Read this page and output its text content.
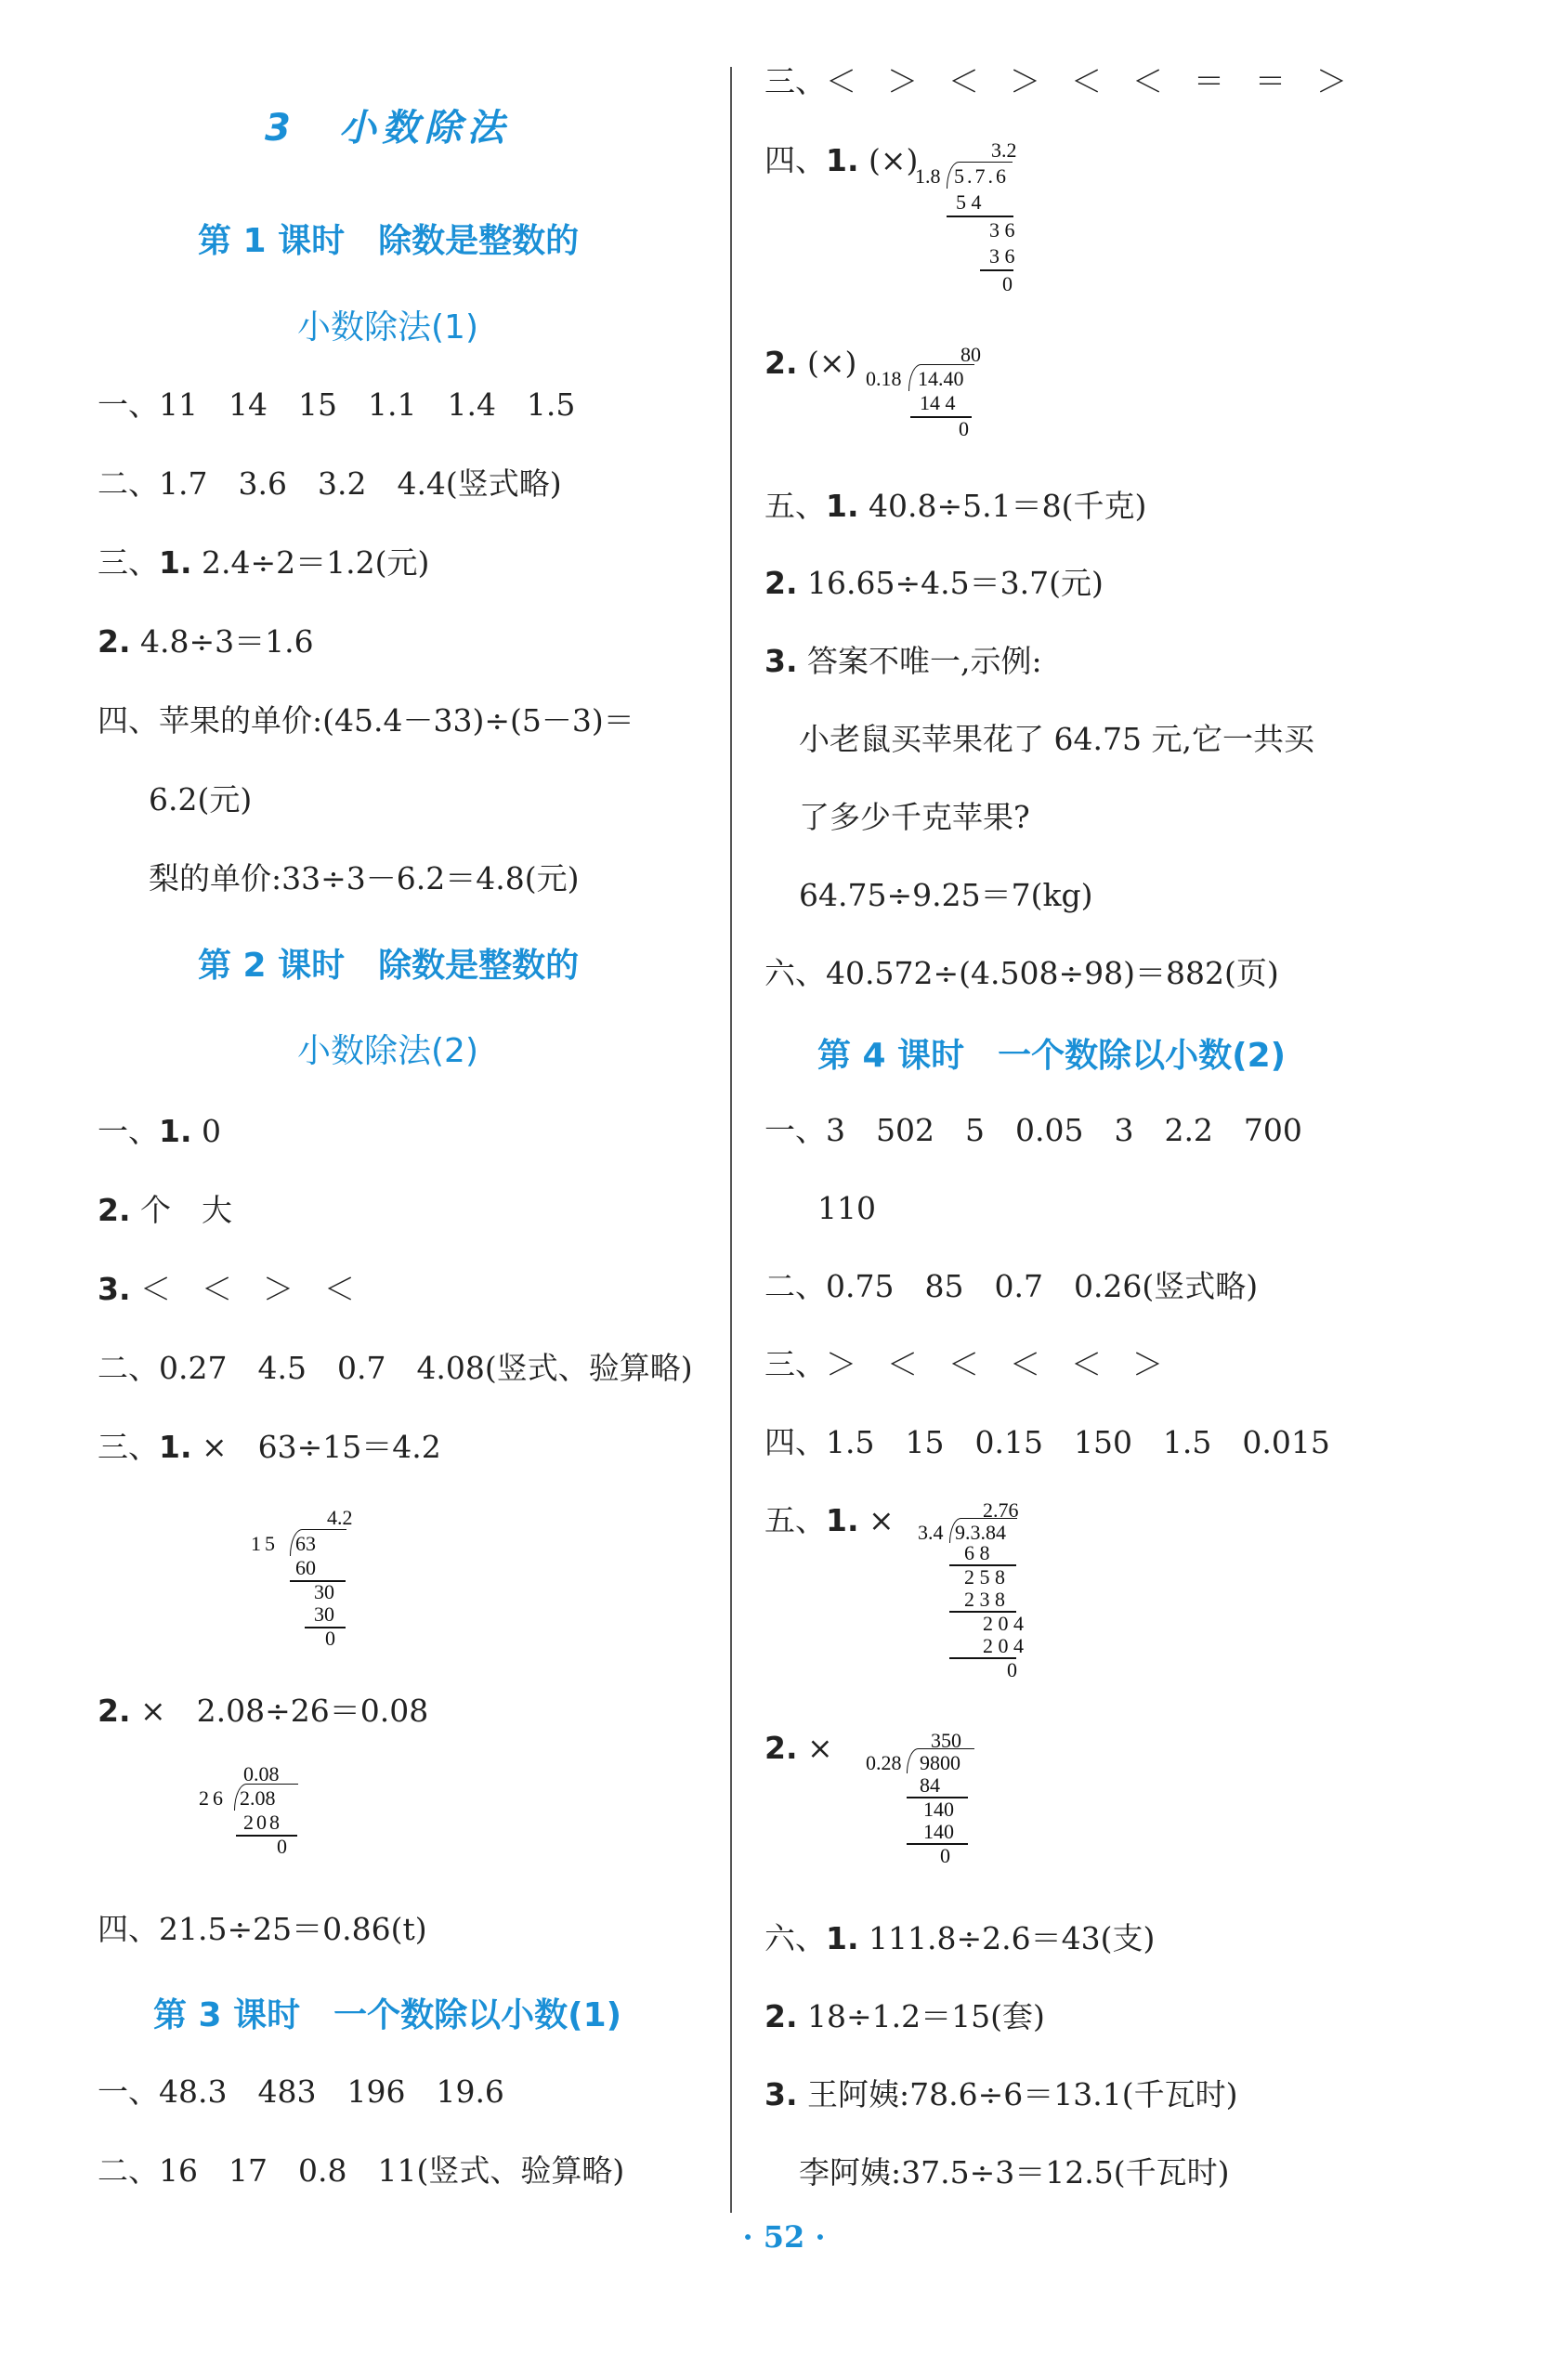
3　小数除法
第 1 课时　除数是整数的
小数除法(1)
一、11　14　15　1.1　1.4　1.5
二、1.7　3.6　3.2　4.4(竖式略)
三、1. 2.4÷2＝1.2(元)
2. 4.8÷3＝1.6
四、苹果的单价:(45.4－33)÷(5－3)＝
6.2(元)
梨的单价:33÷3－6.2＝4.8(元)
第 2 课时　除数是整数的
小数除法(2)
一、1. 0
2. 个　大
3. ＜　＜　＞　＜
二、0.27　4.5　0.7　4.08(竖式、验算略)
三、1. ×　63÷15＝4.2
4.2
15 63
60
30
30
0
2. ×　2.08÷26＝0.08
0.08
26 2.08
208
0
四、21.5÷25＝0.86(t)
第 3 课时　一个数除以小数(1)
一、48.3　483　196　19.6
二、16　17　0.8　11(竖式、验算略)
三、＜　＞　＜　＞　＜　＜　＝　＝　＞
四、1. (×)	3.2
1.8 5.7.6
5 4
3 6
3 6
0
2. (×)	80
0.18 14.40
14 4
0
五、1. 40.8÷5.1＝8(千克)
2. 16.65÷4.5＝3.7(元)
3. 答案不唯一,示例:
小老鼠买苹果花了 64.75 元,它一共买
了多少千克苹果?
64.75÷9.25＝7(kg)
六、40.572÷(4.508÷98)＝882(页)
第 4 课时　一个数除以小数(2)
一、3　502　5　0.05　3　2.2　700
110
二、0.75　85　0.7　0.26(竖式略)
三、＞　＜　＜　＜　＜　＞
四、1.5　15　0.15　150　1.5　0.015
五、1. ×	2.76
3.4 9.3.84
6 8
2 5 8
2 3 8
2 0 4
2 0 4
0
2. ×	350
0.28 9800
84
140
140
0
六、1. 111.8÷2.6＝43(支)
2. 18÷1.2＝15(套)
3. 王阿姨:78.6÷6＝13.1(千瓦时)
李阿姨:37.5÷3＝12.5(千瓦时)
· 52 ·
